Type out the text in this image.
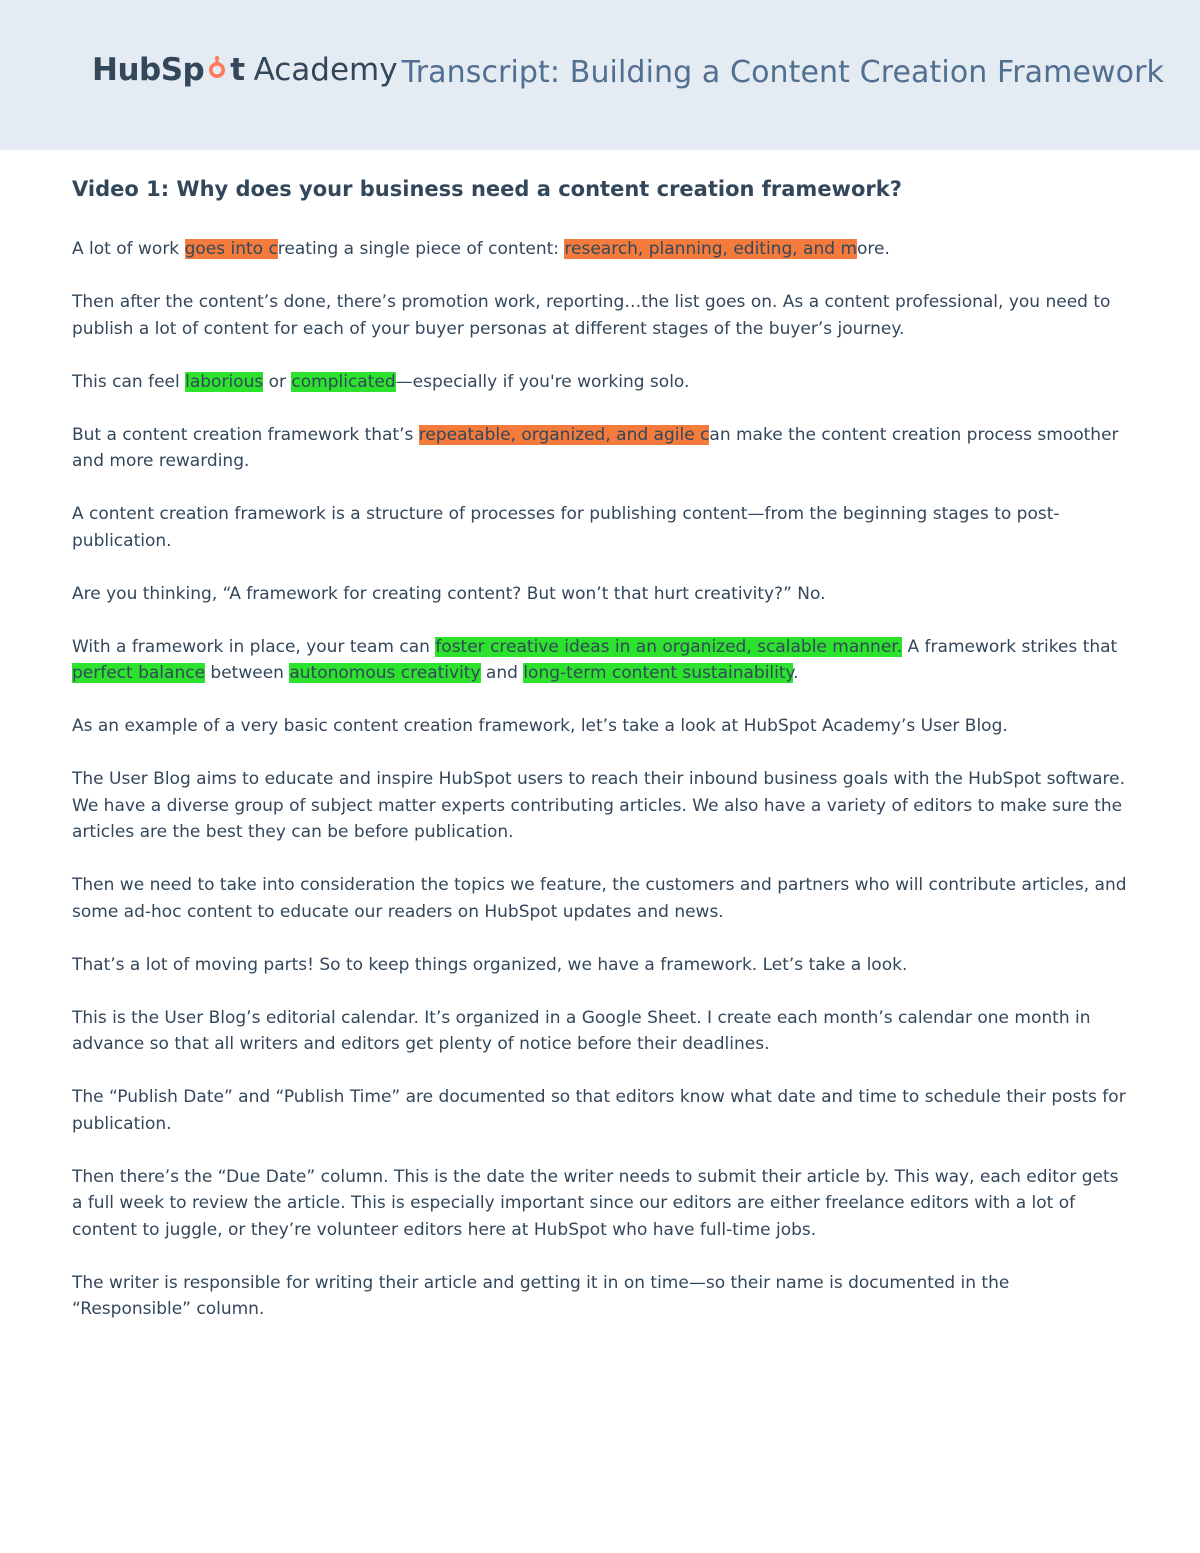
HubSp t Academy Transcript: Building a Content Creation Framework
Video 1: Why does your business need a content creation framework?

A lot of work goes into creating a single piece of content: research, planning, editing, and more.

Then after the content’s done, there’s promotion work, reporting…the list goes on. As a content professional, you need to publish a lot of content for each of your buyer personas at different stages of the buyer’s journey.

This can feel laborious or complicated—especially if you're working solo.

But a content creation framework that’s repeatable, organized, and agile can make the content creation process smoother and more rewarding.

A content creation framework is a structure of processes for publishing content—from the beginning stages to post-publication.

Are you thinking, “A framework for creating content? But won’t that hurt creativity?” No.

With a framework in place, your team can foster creative ideas in an organized, scalable manner. A framework strikes that perfect balance between autonomous creativity and long-term content sustainability.

As an example of a very basic content creation framework, let’s take a look at HubSpot Academy’s User Blog.

The User Blog aims to educate and inspire HubSpot users to reach their inbound business goals with the HubSpot software. We have a diverse group of subject matter experts contributing articles. We also have a variety of editors to make sure the articles are the best they can be before publication.

Then we need to take into consideration the topics we feature, the customers and partners who will contribute articles, and some ad-hoc content to educate our readers on HubSpot updates and news.

That’s a lot of moving parts! So to keep things organized, we have a framework. Let’s take a look.

This is the User Blog’s editorial calendar. It’s organized in a Google Sheet. I create each month’s calendar one month in advance so that all writers and editors get plenty of notice before their deadlines.

The “Publish Date” and “Publish Time” are documented so that editors know what date and time to schedule their posts for publication.

Then there’s the “Due Date” column. This is the date the writer needs to submit their article by. This way, each editor gets a full week to review the article. This is especially important since our editors are either freelance editors with a lot of content to juggle, or they’re volunteer editors here at HubSpot who have full-time jobs.

The writer is responsible for writing their article and getting it in on time—so their name is documented in the “Responsible” column.
